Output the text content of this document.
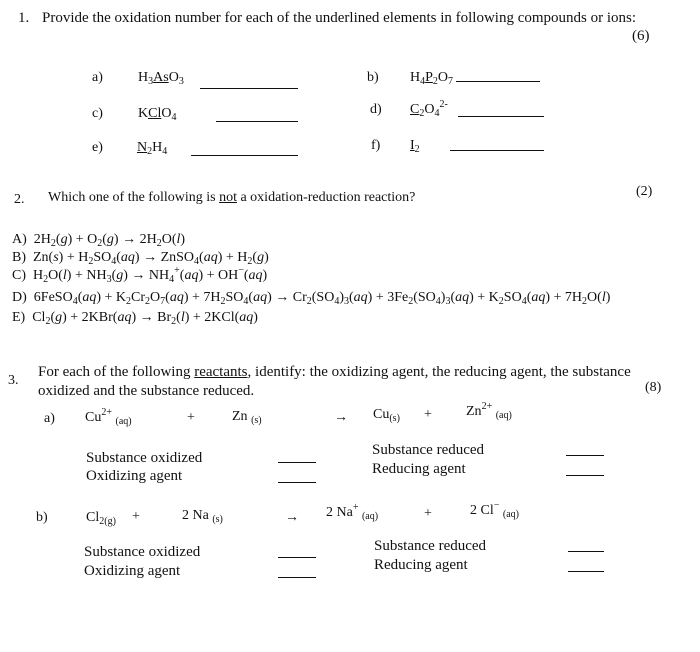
1. Provide the oxidation number for each of the underlined elements in following compounds or ions:
(6)
a)	$H_3AsO_3$	b) $H_4P_2O_7$
c)	KClO$_4$
d) $C_2O_4^{2-}$
e) $N_2H_4$	f) $I_2$
2. Which one of the following is not a oxidation-reduction reaction?	(2)
A)  $2H_2(g) + O_2(g) \to 2H_2O(l)$
B)  $Zn(s) + H_2SO_4(aq)$ → ZnSO$_4$(aq) + $H_2(g)$
C)  $H_2O(l) + NH_3(g) \to NH_4^+(aq) + OH^-(aq)$
D)  6FeSO$_4$(aq) + $K_2Cr_2O_7(aq) + 7H_2SO_4(aq) \to Cr_2(SO_4)_3(aq) + 3Fe_2(SO_4)_3(aq) + K_2SO_4(aq) + 7H_2O(l)$
E)  $Cl_2(g) + 2KBr(aq) \to Br_2(l) + 2KCl(aq)$
3.
For each of the following reactants, identify: the oxidizing agent, the reducing agent, the substance
oxidized and the substance reduced.	(8)
a) $Cu^{2+}$ $_{(aq)}$	+	Zn $_{(s)}$	→ $Cu_{(s)} + Zn^{2+}$ $_{(aq)}$
Substance oxidized
Oxidizing agent
Substance reduced
Reducing agent
b)	$Cl_{2(g)}$ +	2 Na $_{(s)}$	→ 2 Na+ $_{(aq)}$	+	2 Cl− $_{(aq)}$
Substance oxidized
Oxidizing agent
Substance reduced
Reducing agent
